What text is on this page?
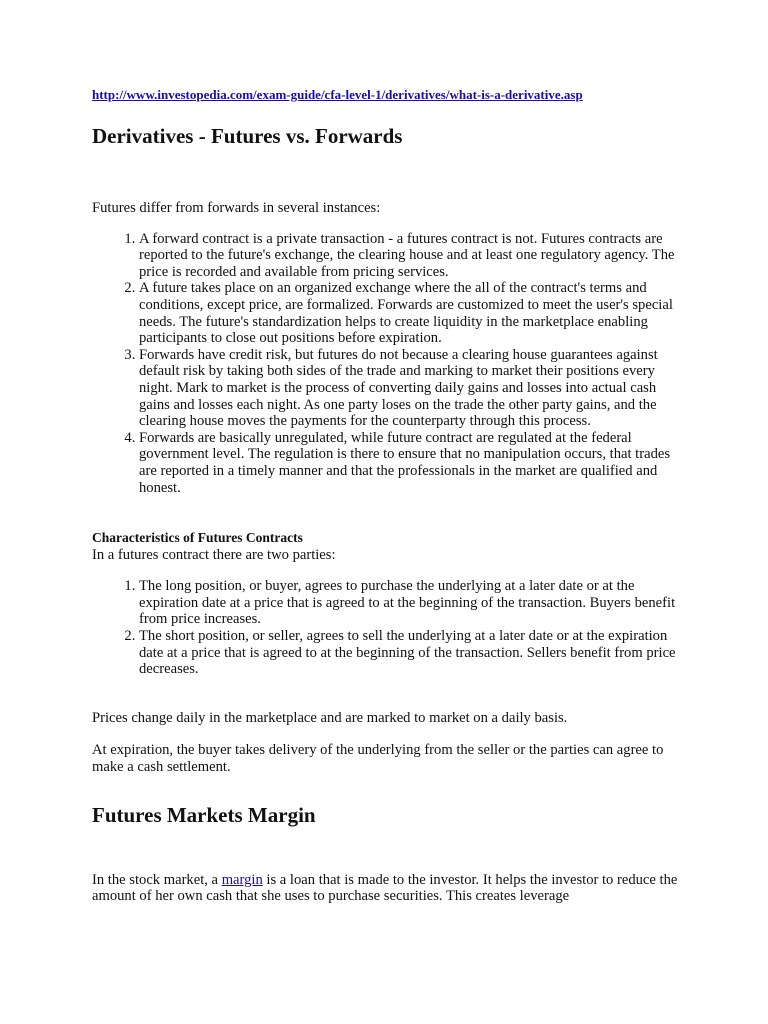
http://www.investopedia.com/exam-guide/cfa-level-1/derivatives/what-is-a-derivative.asp
Derivatives - Futures vs. Forwards

Futures differ from forwards in several instances:

1. A forward contract is a private transaction - a futures contract is not. Futures contracts are reported to the future's exchange, the clearing house and at least one regulatory agency. The price is recorded and available from pricing services.
2. A future takes place on an organized exchange where the all of the contract's terms and conditions, except price, are formalized. Forwards are customized to meet the user's special needs. The future's standardization helps to create liquidity in the marketplace enabling participants to close out positions before expiration.
3. Forwards have credit risk, but futures do not because a clearing house guarantees against default risk by taking both sides of the trade and marking to market their positions every night. Mark to market is the process of converting daily gains and losses into actual cash gains and losses each night. As one party loses on the trade the other party gains, and the clearing house moves the payments for the counterparty through this process.
4. Forwards are basically unregulated, while future contract are regulated at the federal government level. The regulation is there to ensure that no manipulation occurs, that trades are reported in a timely manner and that the professionals in the market are qualified and honest.

Characteristics of Futures Contracts

In a futures contract there are two parties:

1. The long position, or buyer, agrees to purchase the underlying at a later date or at the expiration date at a price that is agreed to at the beginning of the transaction. Buyers benefit from price increases.
2. The short position, or seller, agrees to sell the underlying at a later date or at the expiration date at a price that is agreed to at the beginning of the transaction. Sellers benefit from price decreases.

Prices change daily in the marketplace and are marked to market on a daily basis.

At expiration, the buyer takes delivery of the underlying from the seller or the parties can agree to make a cash settlement.

Futures Markets Margin

In the stock market, a margin is a loan that is made to the investor. It helps the investor to reduce the amount of her own cash that she uses to purchase securities. This creates leverage
